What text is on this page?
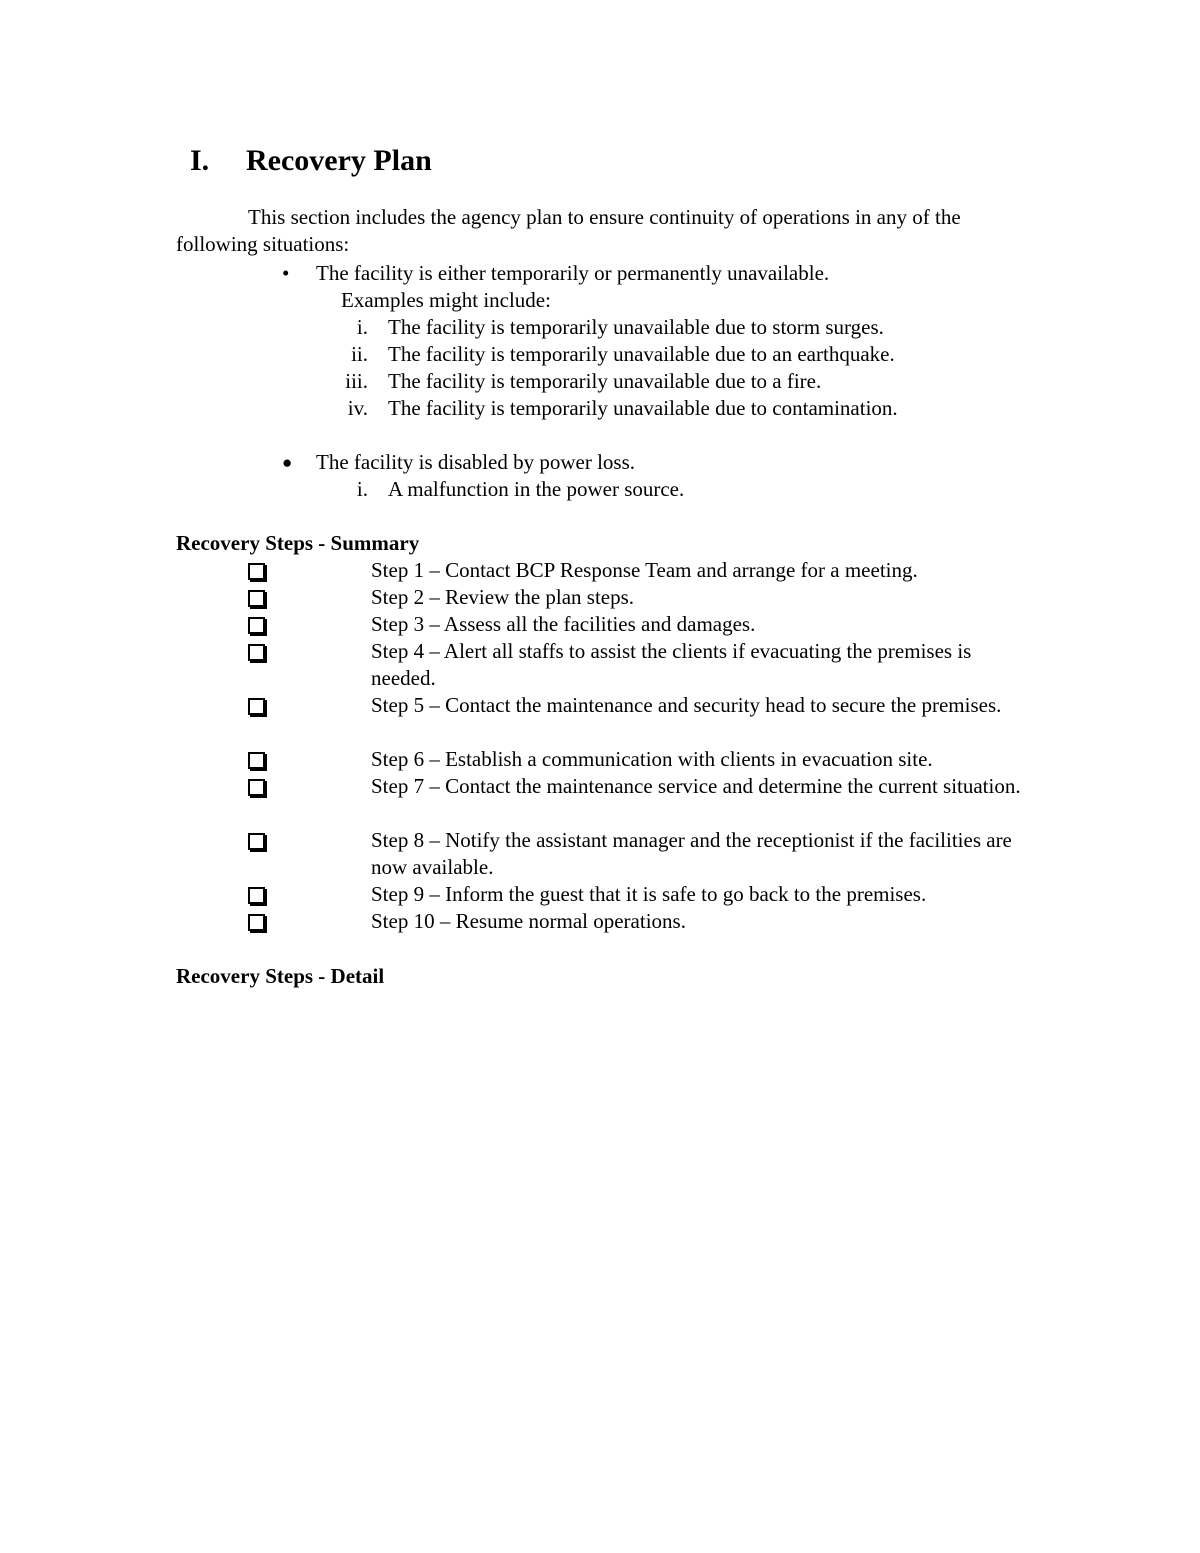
I. Recovery Plan
This section includes the agency plan to ensure continuity of operations in any of the following situations:
• The facility is either temporarily or permanently unavailable.
Examples might include:
i. The facility is temporarily unavailable due to storm surges.
ii. The facility is temporarily unavailable due to an earthquake.
iii. The facility is temporarily unavailable due to a fire.
iv. The facility is temporarily unavailable due to contamination.
● The facility is disabled by power loss.
i. A malfunction in the power source.
Recovery Steps - Summary
Step 1 – Contact BCP Response Team and arrange for a meeting.
Step 2 – Review the plan steps.
Step 3 – Assess all the facilities and damages.
Step 4 – Alert all staffs to assist the clients if evacuating the premises is needed.
Step 5 – Contact the maintenance and security head to secure the premises.
Step 6 – Establish a communication with clients in evacuation site.
Step 7 – Contact the maintenance service and determine the current situation.
Step 8 – Notify the assistant manager and the receptionist if the facilities are now available.
Step 9 – Inform the guest that it is safe to go back to the premises.
Step 10 – Resume normal operations.
Recovery Steps - Detail
